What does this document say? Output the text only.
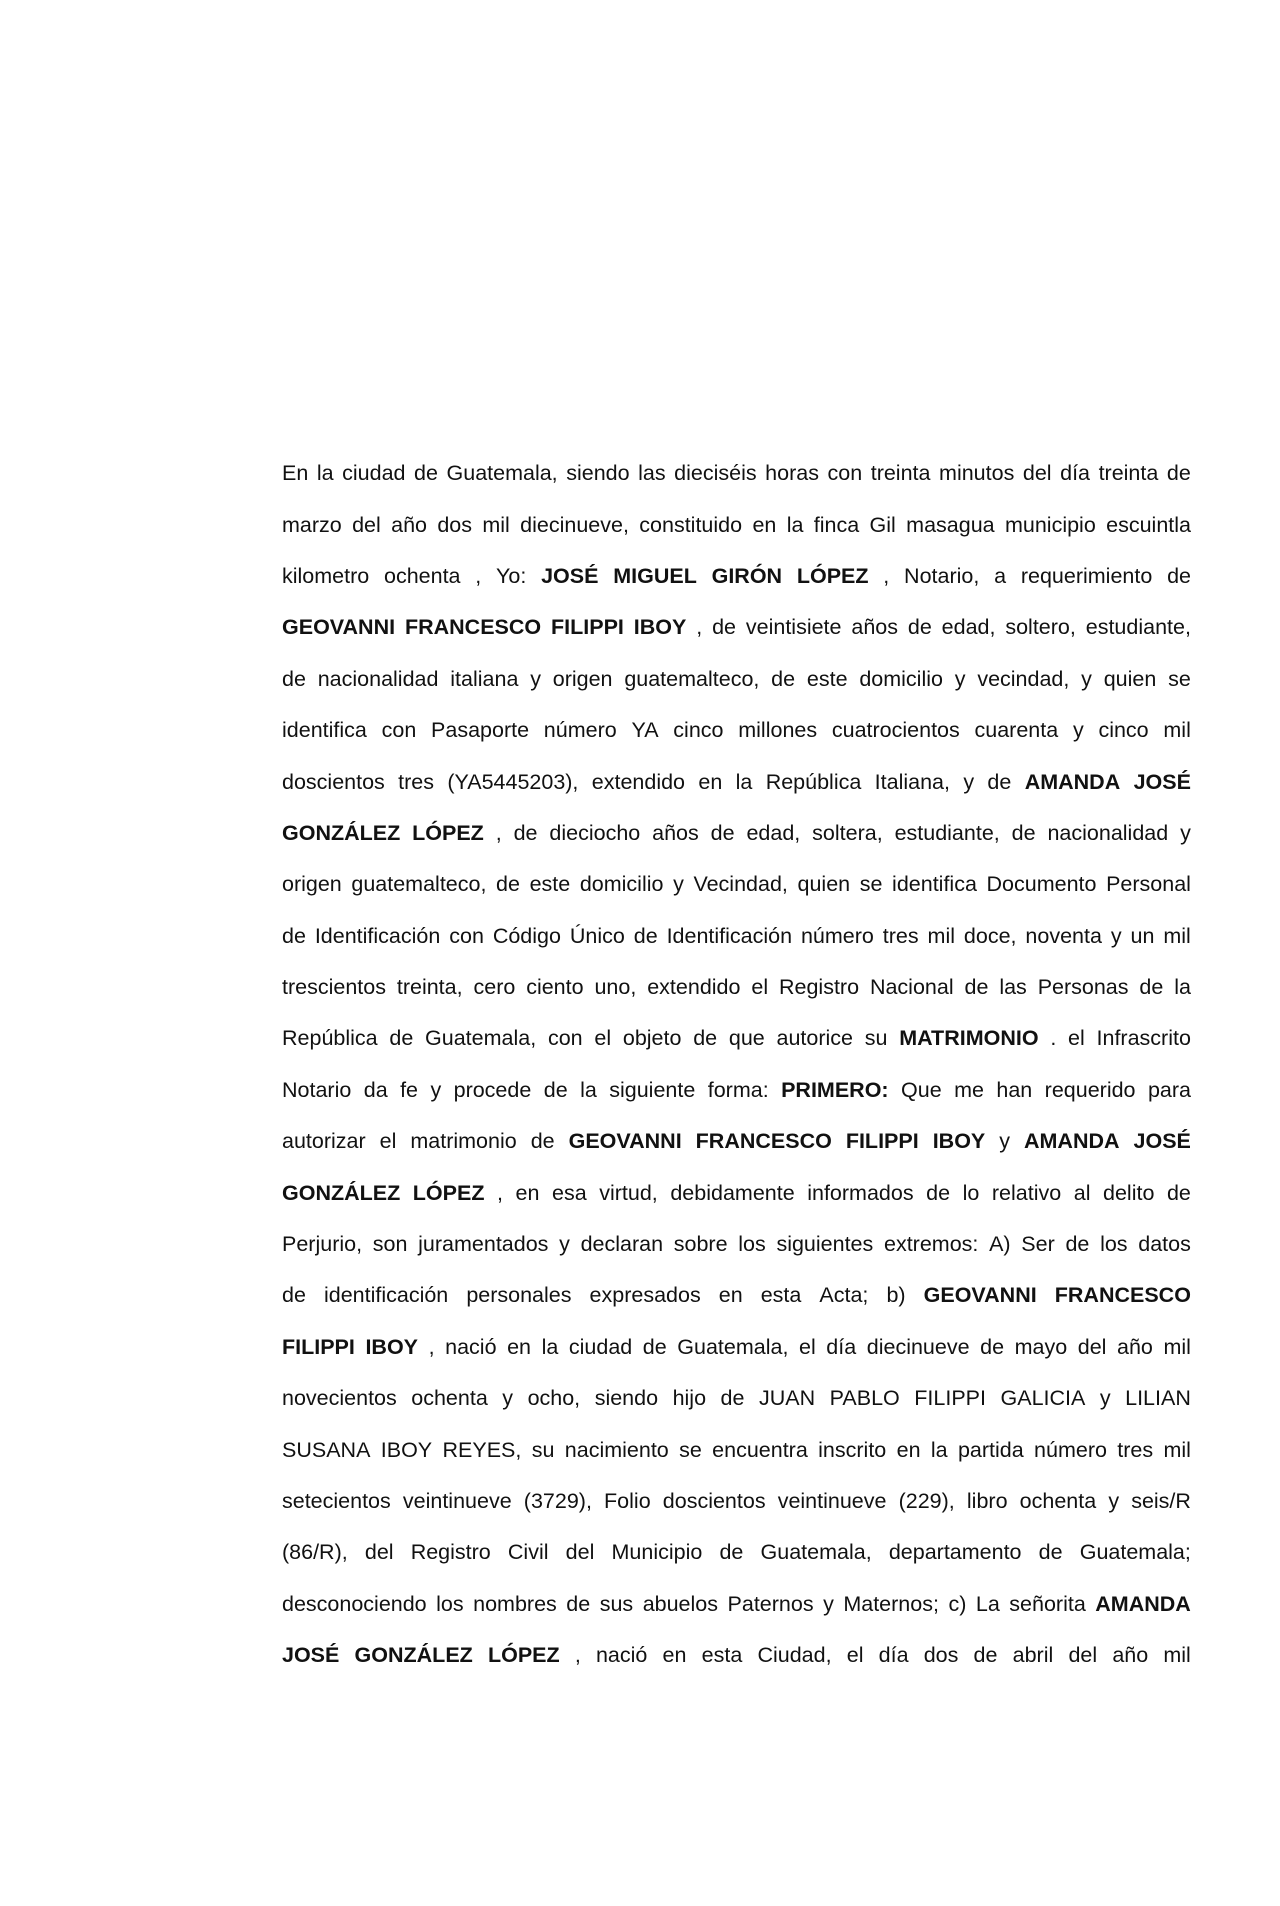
En la ciudad de Guatemala, siendo las dieciséis horas con treinta minutos del día treinta de
marzo del año dos mil diecinueve, constituido en la finca Gil masagua municipio escuintla
kilometro ochenta , Yo: JOSÉ MIGUEL GIRÓN LÓPEZ , Notario, a requerimiento de
GEOVANNI FRANCESCO FILIPPI IBOY , de veintisiete años de edad, soltero, estudiante,
de nacionalidad italiana y origen guatemalteco, de este domicilio y vecindad, y quien se
identifica con Pasaporte número YA cinco millones cuatrocientos cuarenta y cinco mil
doscientos tres (YA5445203), extendido en la República Italiana, y de AMANDA JOSÉ
GONZÁLEZ LÓPEZ , de dieciocho años de edad, soltera, estudiante, de nacionalidad y
origen guatemalteco, de este domicilio y Vecindad, quien se identifica Documento Personal
de Identificación con Código Único de Identificación número tres mil doce, noventa y un mil
trescientos treinta, cero ciento uno, extendido el Registro Nacional de las Personas de la
República de Guatemala, con el objeto de que autorice su MATRIMONIO . el Infrascrito
Notario da fe y procede de la siguiente forma: PRIMERO: Que me han requerido para
autorizar el matrimonio de GEOVANNI FRANCESCO FILIPPI IBOY y AMANDA JOSÉ
GONZÁLEZ LÓPEZ , en esa virtud, debidamente informados de lo relativo al delito de
Perjurio, son juramentados y declaran sobre los siguientes extremos: A) Ser de los datos
de identificación personales expresados en esta Acta; b) GEOVANNI FRANCESCO
FILIPPI IBOY , nació en la ciudad de Guatemala, el día diecinueve de mayo del año mil
novecientos ochenta y ocho, siendo hijo de JUAN PABLO FILIPPI GALICIA y LILIAN
SUSANA IBOY REYES, su nacimiento se encuentra inscrito en la partida número tres mil
setecientos veintinueve (3729), Folio doscientos veintinueve (229), libro ochenta y seis/R
(86/R), del Registro Civil del Municipio de Guatemala, departamento de Guatemala;
desconociendo los nombres de sus abuelos Paternos y Maternos; c) La señorita AMANDA
JOSÉ GONZÁLEZ LÓPEZ , nació en esta Ciudad, el día dos de abril del año mil
